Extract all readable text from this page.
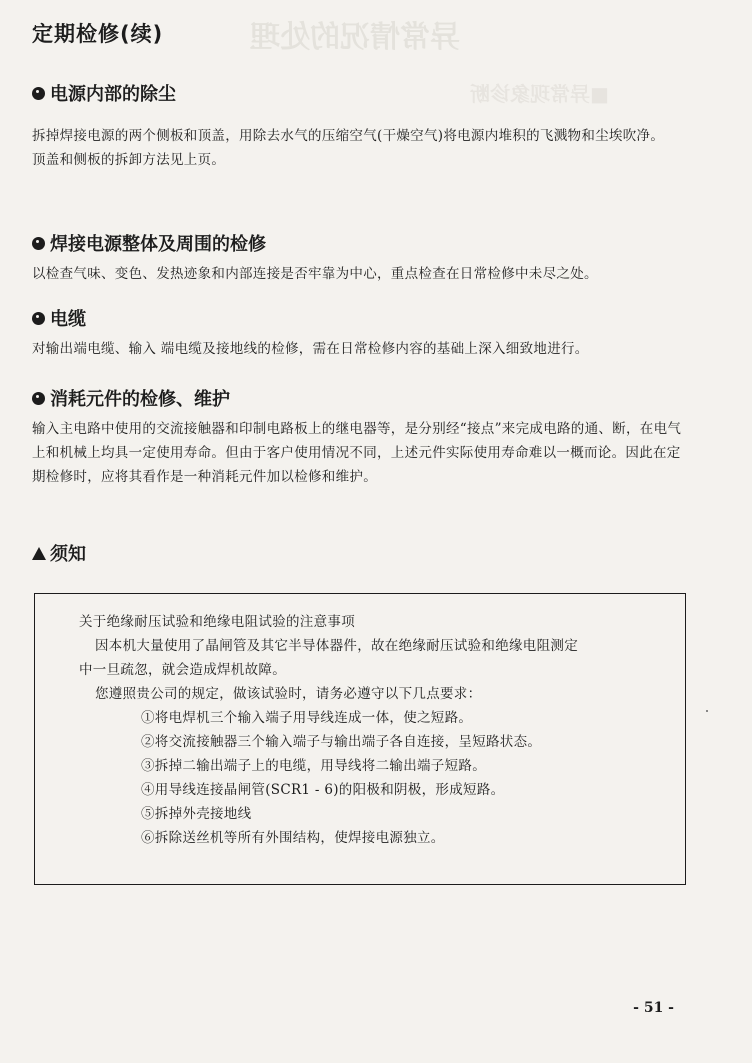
异常情况的处理
■异常现象诊断
定期检修(续)
电源内部的除尘

拆掉焊接电源的两个侧板和顶盖，用除去水气的压缩空气(干燥空气)将电源内堆积的飞溅物和尘埃吹净。

顶盖和侧板的拆卸方法见上页。

焊接电源整体及周围的检修

以检查气味、变色、发热迹象和内部连接是否牢靠为中心，重点检查在日常检修中未尽之处。

电缆

对输出端电缆、输入 端电缆及接地线的检修，需在日常检修内容的基础上深入细致地进行。

消耗元件的检修、维护

输入主电路中使用的交流接触器和印制电路板上的继电器等，是分别经“接点”来完成电路的通、断，在电气上和机械上均具一定使用寿命。但由于客户使用情况不同，上述元件实际使用寿命难以一概而论。因此在定期检修时，应将其看作是一种消耗元件加以检修和维护。

须知

关于绝缘耐压试验和绝缘电阻试验的注意事项

因本机大量使用了晶闸管及其它半导体器件，故在绝缘耐压试验和绝缘电阻测定

中一旦疏忽，就会造成焊机故障。

您遵照贵公司的规定，做该试验时，请务必遵守以下几点要求：

①将电焊机三个输入端子用导线连成一体，使之短路。

②将交流接触器三个输入端子与输出端子各自连接，呈短路状态。

③拆掉二输出端子上的电缆，用导线将二输出端子短路。

④用导线连接晶闸管(SCR1 - 6)的阳极和阴极，形成短路。

⑤拆掉外壳接地线

⑥拆除送丝机等所有外围结构，使焊接电源独立。

- 51 -
